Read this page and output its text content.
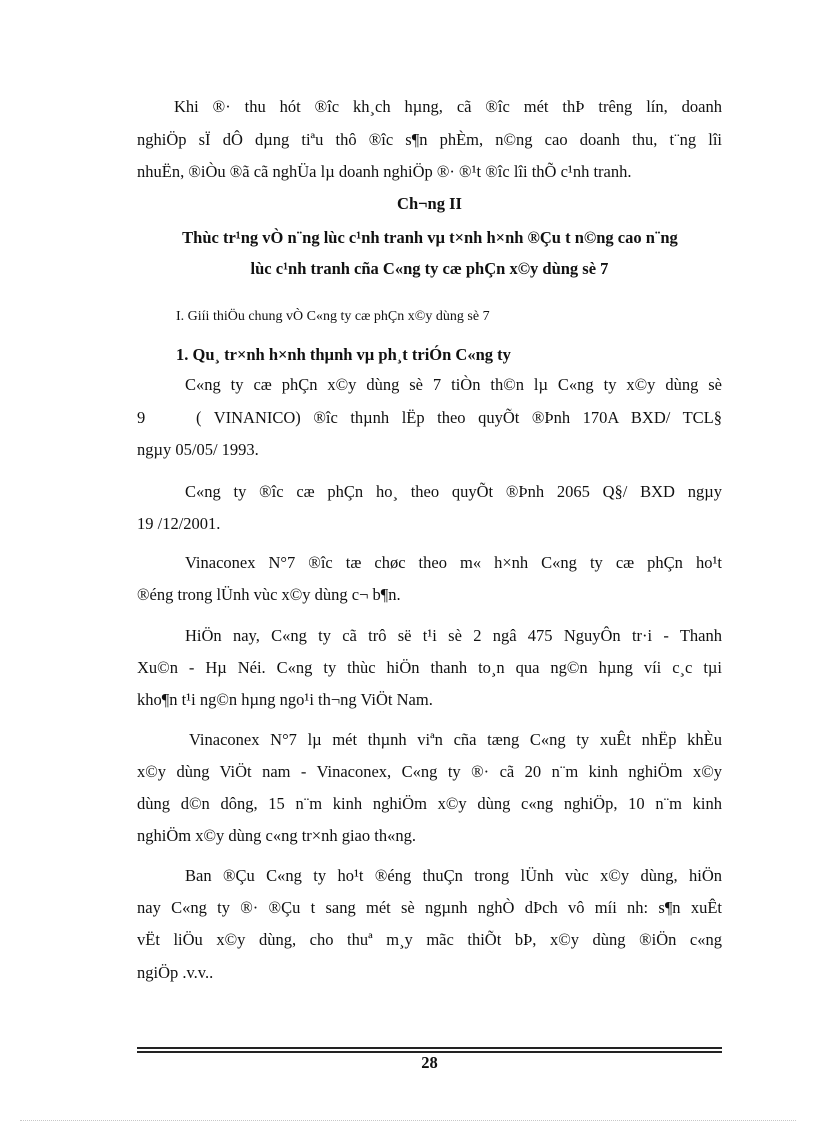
Khi ®· thu hót ®îc kh¸ch hµng, cã ®îc mét thÞ trêng lín, doanh
nghiÖp sÏ dÔ dµng tiªu thô ®îc s¶n phÈm, n©ng cao doanh thu, t¨ng lîi
nhuËn, ®iÒu ®ã cã nghÜa lµ doanh nghiÖp ®· ®¹t ®îc lîi thÕ c¹nh tranh.
Ch¬ng II
Thùc tr¹ng vÒ n¨ng lùc c¹nh tranh vµ t×nh h×nh ®Çu t n©ng cao n¨ng
lùc c¹nh tranh cña C«ng ty cæ phÇn x©y dùng sè 7
I. Giíi thiÖu chung vÒ C«ng ty cæ phÇn x©y dùng sè 7
1. Qu¸ tr×nh h×nh thµnh vµ ph¸t triÓn C«ng ty
C«ng ty cæ phÇn x©y dùng sè 7 tiÒn th©n lµ C«ng ty x©y dùng sè
9	( VINANICO) ®îc thµnh lËp theo quyÕt ®Þnh 170A BXD/ TCL§
ngµy 05/05/ 1993.
C«ng ty ®îc cæ phÇn ho¸ theo quyÕt ®Þnh 2065 Q§/ BXD ngµy
19 /12/2001.
Vinaconex N°7 ®îc tæ chøc theo m« h×nh C«ng ty cæ phÇn ho¹t
®éng trong lÜnh vùc x©y dùng c¬ b¶n.
HiÖn nay, C«ng ty cã trô së t¹i sè 2 ngâ 475 NguyÔn tr·i - Thanh
Xu©n - Hµ Néi. C«ng ty thùc hiÖn thanh to¸n qua ng©n hµng víi c¸c tµi
kho¶n t¹i ng©n hµng ngo¹i th¬ng ViÖt Nam.
Vinaconex N°7 lµ mét thµnh viªn cña tæng C«ng ty xuÊt nhËp khÈu
x©y dùng ViÖt nam - Vinaconex, C«ng ty ®· cã 20 n¨m kinh nghiÖm x©y
dùng d©n dông, 15 n¨m kinh nghiÖm x©y dùng c«ng nghiÖp, 10 n¨m kinh
nghiÖm x©y dùng c«ng tr×nh giao th«ng.
Ban ®Çu C«ng ty ho¹t ®éng thuÇn trong lÜnh vùc x©y dùng, hiÖn
nay C«ng ty ®· ®Çu t sang mét sè ngµnh nghÒ dÞch vô míi nh: s¶n xuÊt
vËt liÖu x©y dùng, cho thuª m¸y mãc thiÕt bÞ, x©y dùng ®iÖn c«ng
ngiÖp .v.v..
28
